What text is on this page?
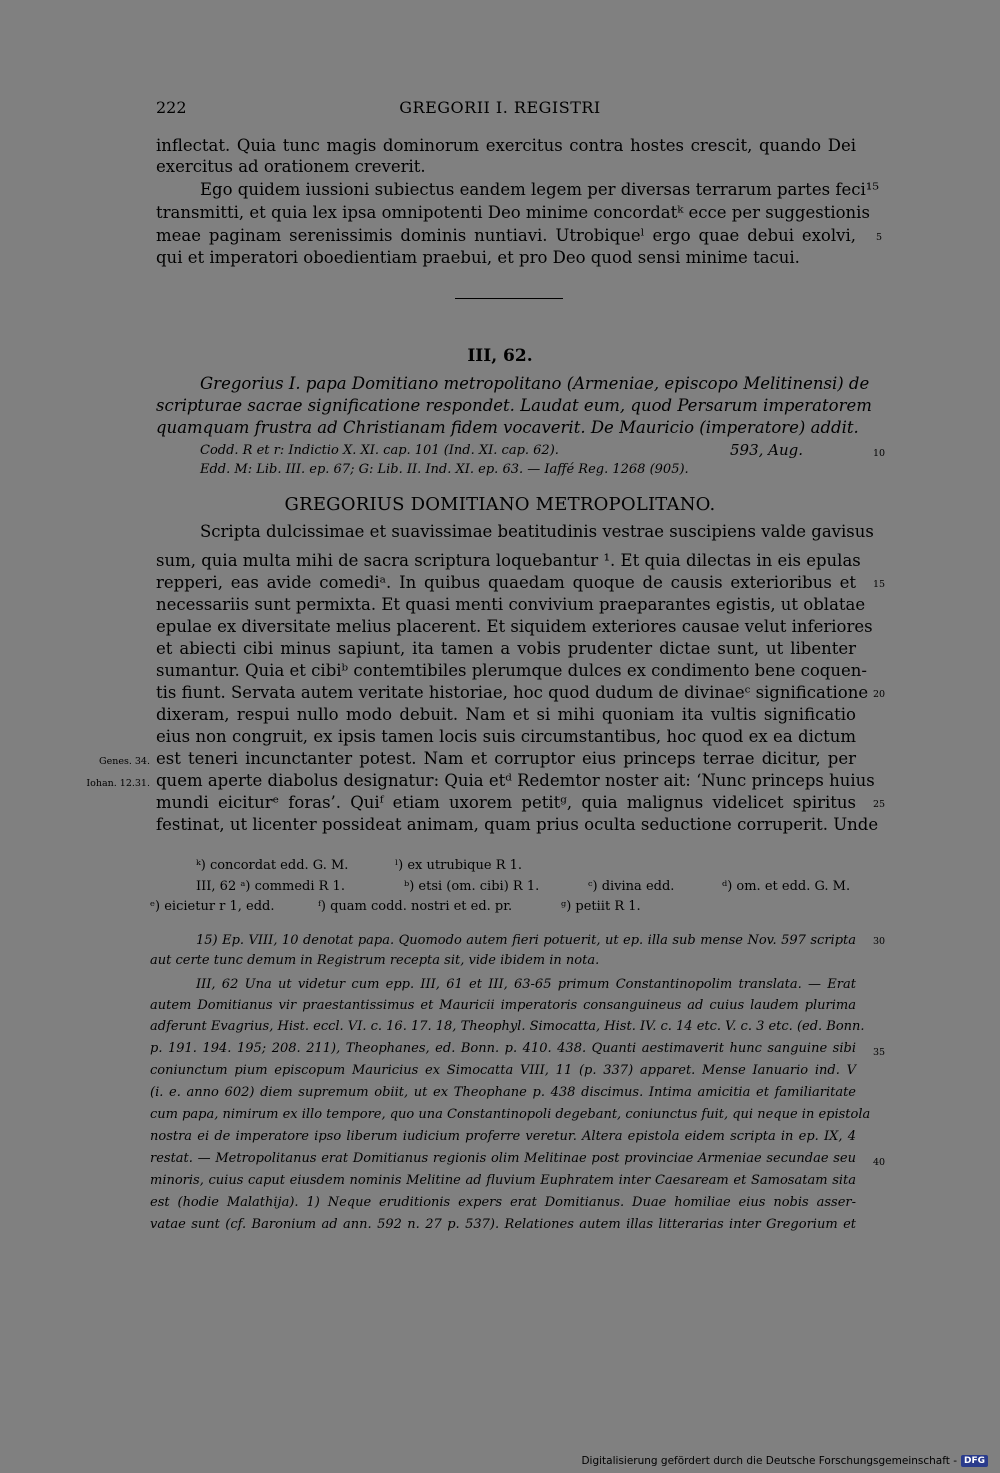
222	GREGORII I. REGISTRI
inflectat. Quia tunc magis dominorum exercitus contra hostes crescit, quando Dei
exercitus ad orationem creverit.
Ego quidem iussioni subiectus eandem legem per diversas terrarum partes feci¹⁵
transmitti, et quia lex ipsa omnipotenti Deo minime concordatᵏ ecce per suggestionis
meae paginam serenissimis dominis nuntiavi. Utrobiqueˡ ergo quae debui exolvi,	5
qui et imperatori oboedientiam praebui, et pro Deo quod sensi minime tacui.
III, 62.
Gregorius I. papa Domitiano metropolitano (Armeniae, episcopo Melitinensi) de
scripturae sacrae significatione respondet. Laudat eum, quod Persarum imperatorem
quamquam frustra ad Christianam fidem vocaverit. De Mauricio (imperatore) addit.
Codd. R et r: Indictio X. XI. cap. 101 (Ind. XI. cap. 62).	593, Aug.	10
Edd. M: Lib. III. ep. 67; G: Lib. II. Ind. XI. ep. 63. — Iaffé Reg. 1268 (905).
GREGORIUS DOMITIANO METROPOLITANO.
Scripta dulcissimae et suavissimae beatitudinis vestrae suscipiens valde gavisus
sum, quia multa mihi de sacra scriptura loquebantur ¹. Et quia dilectas in eis epulas
repperi, eas avide comediᵃ. In quibus quaedam quoque de causis exterioribus et 15
necessariis sunt permixta. Et quasi menti convivium praeparantes egistis, ut oblatae
epulae ex diversitate melius placerent. Et siquidem exteriores causae velut inferiores
et abiecti cibi minus sapiunt, ita tamen a vobis prudenter dictae sunt, ut libenter
sumantur. Quia et cibiᵇ contemtibiles plerumque dulces ex condimento bene coquen-
tis fiunt. Servata autem veritate historiae, hoc quod dudum de divinaeᶜ significatione 20
dixeram, respui nullo modo debuit. Nam et si mihi quoniam ita vultis significatio
eius non congruit, ex ipsis tamen locis suis circumstantibus, hoc quod ex ea dictum
Genes. 34. est teneri incunctanter potest. Nam et corruptor eius princeps terrae dicitur, per
Iohan. 12.31. quem aperte diabolus designatur: Quia etᵈ Redemtor noster ait: ‘Nunc princeps huius
mundi eiciturᵉ foras’. Quiᶠ etiam uxorem petitᵍ, quia malignus videlicet spiritus 25
festinat, ut licenter possideat animam, quam prius oculta seductione corruperit. Unde
ᵏ) concordat edd. G. M.	ˡ) ex utrubique R 1.
III, 62 ᵃ) commedi R 1.	ᵇ) etsi (om. cibi) R 1.	ᶜ) divina edd.	ᵈ) om. et edd. G. M.
ᵉ) eicietur r 1, edd.	ᶠ) quam codd. nostri et ed. pr.	ᵍ) petiit R 1.
15) Ep. VIII, 10 denotat papa. Quomodo autem fieri potuerit, ut ep. illa sub mense Nov. 597 scripta 30
aut certe tunc demum in Registrum recepta sit, vide ibidem in nota.
III, 62 Una ut videtur cum epp. III, 61 et III, 63-65 primum Constantinopolim translata. — Erat
autem Domitianus vir praestantissimus et Mauricii imperatoris consanguineus ad cuius laudem plurima
adferunt Evagrius, Hist. eccl. VI. c. 16. 17. 18, Theophyl. Simocatta, Hist. IV. c. 14 etc. V. c. 3 etc. (ed. Bonn.
p. 191. 194. 195; 208. 211), Theophanes, ed. Bonn. p. 410. 438. Quanti aestimaverit hunc sanguine sibi 35
coniunctum pium episcopum Mauricius ex Simocatta VIII, 11 (p. 337) apparet. Mense Ianuario ind. V
(i. e. anno 602) diem supremum obiit, ut ex Theophane p. 438 discimus. Intima amicitia et familiaritate
cum papa, nimirum ex illo tempore, quo una Constantinopoli degebant, coniunctus fuit, qui neque in epistola
nostra ei de imperatore ipso liberum iudicium proferre veretur. Altera epistola eidem scripta in ep. IX, 4
restat. — Metropolitanus erat Domitianus regionis olim Melitinae post provinciae Armeniae secundae seu 40
minoris, cuius caput eiusdem nominis Melitine ad fluvium Euphratem inter Caesaream et Samosatam sita
est (hodie Malathija). 1) Neque eruditionis expers erat Domitianus. Duae homiliae eius nobis asser-
vatae sunt (cf. Baronium ad ann. 592 n. 27 p. 537). Relationes autem illas litterarias inter Gregorium et
Digitalisierung gefördert durch die Deutsche Forschungsgemeinschaft - DFG
